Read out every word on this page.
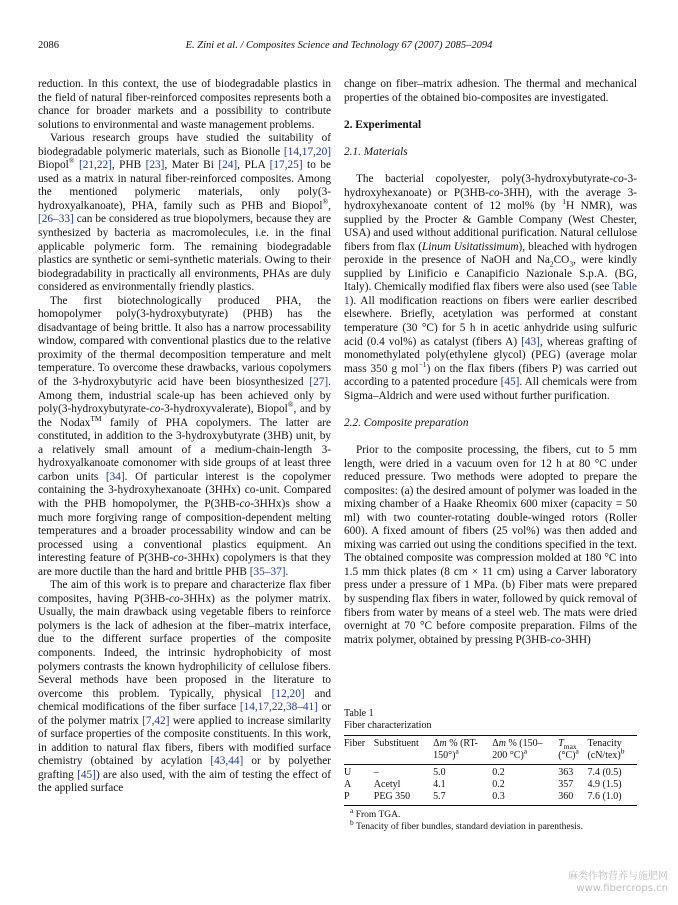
2086	E. Zini et al. / Composites Science and Technology 67 (2007) 2085–2094

reduction. In this context, the use of biodegradable plastics in the field of natural fiber-reinforced composites represents both a chance for broader markets and a possibility to contribute solutions to environmental and waste management problems.

Various research groups have studied the suitability of biodegradable polymeric materials, such as Bionolle [14,17,20] Biopol® [21,22], PHB [23], Mater Bi [24], PLA [17,25] to be used as a matrix in natural fiber-reinforced composites. Among the mentioned polymeric materials, only poly(3-hydroxyalkanoate), PHA, family such as PHB and Biopol®, [26–33] can be considered as true biopolymers, because they are synthesized by bacteria as macromolecules, i.e. in the final applicable polymeric form. The remaining biodegradable plastics are synthetic or semi-synthetic materials. Owing to their biodegradability in practically all environments, PHAs are duly considered as environmentally friendly plastics.

The first biotechnologically produced PHA, the homopolymer poly(3-hydroxybutyrate) (PHB) has the disadvantage of being brittle. It also has a narrow processability window, compared with conventional plastics due to the relative proximity of the thermal decomposition temperature and melt temperature. To overcome these drawbacks, various copolymers of the 3-hydroxybutyric acid have been biosynthesized [27]. Among them, industrial scale-up has been achieved only by poly(3-hydroxybutyrate-co-3-hydroxyvalerate), Biopol®, and by the Nodax™ family of PHA copolymers. The latter are constituted, in addition to the 3-hydroxybutyrate (3HB) unit, by a relatively small amount of a medium-chain-length 3-hydroxyalkanoate comonomer with side groups of at least three carbon units [34]. Of particular interest is the copolymer containing the 3-hydroxyhexanoate (3HHx) co-unit. Compared with the PHB homopolymer, the P(3HB-co-3HHx)s show a much more forgiving range of composition-dependent melting temperatures and a broader processability window and can be processed using a conventional plastics equipment. An interesting feature of P(3HB-co-3HHx) copolymers is that they are more ductile than the hard and brittle PHB [35–37].

The aim of this work is to prepare and characterize flax fiber composites, having P(3HB-co-3HHx) as the polymer matrix. Usually, the main drawback using vegetable fibers to reinforce polymers is the lack of adhesion at the fiber–matrix interface, due to the different surface properties of the composite components. Indeed, the intrinsic hydrophobicity of most polymers contrasts the known hydrophilicity of cellulose fibers. Several methods have been proposed in the literature to overcome this problem. Typically, physical [12,20] and chemical modifications of the fiber surface [14,17,22,38–41] or of the polymer matrix [7,42] were applied to increase similarity of surface properties of the composite constituents. In this work, in addition to natural flax fibers, fibers with modified surface chemistry (obtained by acylation [43,44] or by polyether grafting [45]) are also used, with the aim of testing the effect of the applied surface

change on fiber–matrix adhesion. The thermal and mechanical properties of the obtained bio-composites are investigated.

2. Experimental
2.1. Materials

The bacterial copolyester, poly(3-hydroxybutyrate-co-3-hydroxyhexanoate) or P(3HB-co-3HH), with the average 3-hydroxyhexanoate content of 12 mol% (by $^1$H NMR), was supplied by the Procter & Gamble Company (West Chester, USA) and used without additional purification. Natural cellulose fibers from flax (Linum Usitatissimum), bleached with hydrogen peroxide in the presence of NaOH and $Na_2CO_3$, were kindly supplied by Linificio e Canapificio Nazionale S.p.A. (BG, Italy). Chemically modified flax fibers were also used (see Table 1). All modification reactions on fibers were earlier described elsewhere. Briefly, acetylation was performed at constant temperature (30 °C) for 5 h in acetic anhydride using sulfuric acid (0.4 vol%) as catalyst (fibers A) [43], whereas grafting of monomethylated poly(ethylene glycol) (PEG) (average molar mass 350 g mol$^{-1}$) on the flax fibers (fibers P) was carried out according to a patented procedure [45]. All chemicals were from Sigma–Aldrich and were used without further purification.

2.2. Composite preparation

Prior to the composite processing, the fibers, cut to 5 mm length, were dried in a vacuum oven for 12 h at 80 °C under reduced pressure. Two methods were adopted to prepare the composites: (a) the desired amount of polymer was loaded in the mixing chamber of a Haake Rheomix 600 mixer (capacity = 50 ml) with two counter-rotating double-winged rotors (Roller 600). A fixed amount of fibers (25 vol%) was then added and mixing was carried out using the conditions specified in the text. The obtained composite was compression molded at 180 °C into 1.5 mm thick plates (8 cm × 11 cm) using a Carver laboratory press under a pressure of 1 MPa. (b) Fiber mats were prepared by suspending flax fibers in water, followed by quick removal of fibers from water by means of a steel web. The mats were dried overnight at 70 °C before composite preparation. Films of the matrix polymer, obtained by pressing P(3HB-co-3HH)

Table 1

Fiber characterization

Fiber	Substituent	Δm % (RT-
150°)$^a$	Δm % (150–
200 °C)$^a$	$T_{max}$
$(^\circ C)^a$	Tenacity
$(cN/tex)^b$
U	–	5.0	0.2	363	7.4 (0.5)
A	Acetyl	4.1	0.2	357	4.9 (1.5)
P	PEG 350	5.7	0.3	360	7.6 (1.0)
$^a$ From TGA.
$^b$ Tenacity of fiber bundles, standard deviation in parenthesis.
麻类作物营养与施肥网
www.fibercrops.cn
